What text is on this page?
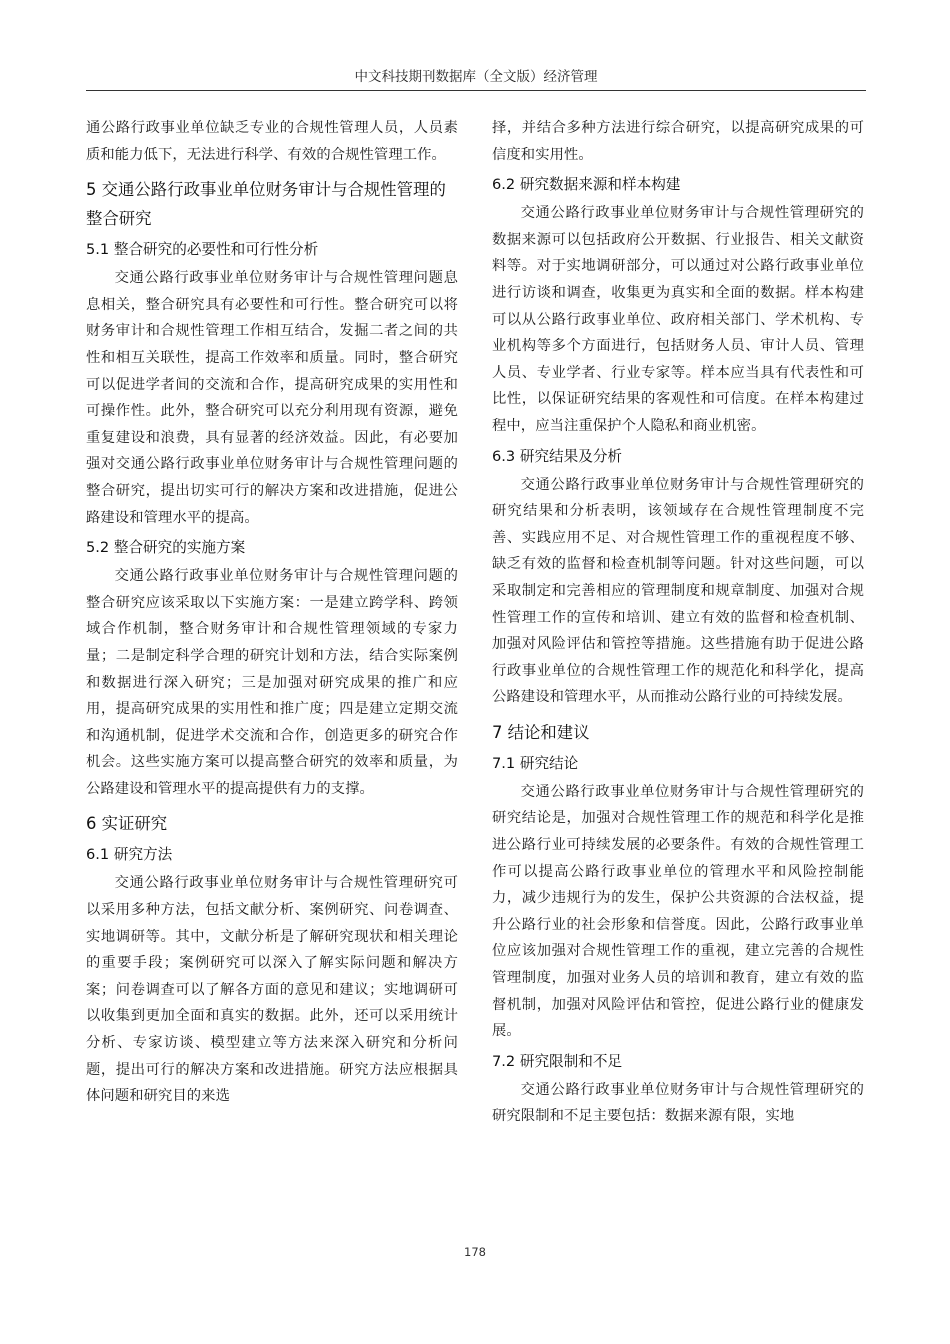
中文科技期刊数据库（全文版）经济管理

通公路行政事业单位缺乏专业的合规性管理人员，人员素质和能力低下，无法进行科学、有效的合规性管理工作。

5 交通公路行政事业单位财务审计与合规性管理的整合研究
5.1 整合研究的必要性和可行性分析

交通公路行政事业单位财务审计与合规性管理问题息息相关，整合研究具有必要性和可行性。整合研究可以将财务审计和合规性管理工作相互结合，发掘二者之间的共性和相互关联性，提高工作效率和质量。同时，整合研究可以促进学者间的交流和合作，提高研究成果的实用性和可操作性。此外，整合研究可以充分利用现有资源，避免重复建设和浪费，具有显著的经济效益。因此，有必要加强对交通公路行政事业单位财务审计与合规性管理问题的整合研究，提出切实可行的解决方案和改进措施，促进公路建设和管理水平的提高。

5.2 整合研究的实施方案

交通公路行政事业单位财务审计与合规性管理问题的整合研究应该采取以下实施方案：一是建立跨学科、跨领域合作机制，整合财务审计和合规性管理领域的专家力量；二是制定科学合理的研究计划和方法，结合实际案例和数据进行深入研究；三是加强对研究成果的推广和应用，提高研究成果的实用性和推广度；四是建立定期交流和沟通机制，促进学术交流和合作，创造更多的研究合作机会。这些实施方案可以提高整合研究的效率和质量，为公路建设和管理水平的提高提供有力的支撑。

6 实证研究
6.1 研究方法

交通公路行政事业单位财务审计与合规性管理研究可以采用多种方法，包括文献分析、案例研究、问卷调查、实地调研等。其中，文献分析是了解研究现状和相关理论的重要手段；案例研究可以深入了解实际问题和解决方案；问卷调查可以了解各方面的意见和建议；实地调研可以收集到更加全面和真实的数据。此外，还可以采用统计分析、专家访谈、模型建立等方法来深入研究和分析问题，提出可行的解决方案和改进措施。研究方法应根据具体问题和研究目的来选

择，并结合多种方法进行综合研究，以提高研究成果的可信度和实用性。

6.2 研究数据来源和样本构建

交通公路行政事业单位财务审计与合规性管理研究的数据来源可以包括政府公开数据、行业报告、相关文献资料等。对于实地调研部分，可以通过对公路行政事业单位进行访谈和调查，收集更为真实和全面的数据。样本构建可以从公路行政事业单位、政府相关部门、学术机构、专业机构等多个方面进行，包括财务人员、审计人员、管理人员、专业学者、行业专家等。样本应当具有代表性和可比性，以保证研究结果的客观性和可信度。在样本构建过程中，应当注重保护个人隐私和商业机密。

6.3 研究结果及分析

交通公路行政事业单位财务审计与合规性管理研究的研究结果和分析表明，该领域存在合规性管理制度不完善、实践应用不足、对合规性管理工作的重视程度不够、缺乏有效的监督和检查机制等问题。针对这些问题，可以采取制定和完善相应的管理制度和规章制度、加强对合规性管理工作的宣传和培训、建立有效的监督和检查机制、加强对风险评估和管控等措施。这些措施有助于促进公路行政事业单位的合规性管理工作的规范化和科学化，提高公路建设和管理水平，从而推动公路行业的可持续发展。

7 结论和建议
7.1 研究结论

交通公路行政事业单位财务审计与合规性管理研究的研究结论是，加强对合规性管理工作的规范和科学化是推进公路行业可持续发展的必要条件。有效的合规性管理工作可以提高公路行政事业单位的管理水平和风险控制能力，减少违规行为的发生，保护公共资源的合法权益，提升公路行业的社会形象和信誉度。因此，公路行政事业单位应该加强对合规性管理工作的重视，建立完善的合规性管理制度，加强对业务人员的培训和教育，建立有效的监督机制，加强对风险评估和管控，促进公路行业的健康发展。

7.2 研究限制和不足

交通公路行政事业单位财务审计与合规性管理研究的研究限制和不足主要包括：数据来源有限，实地

178
